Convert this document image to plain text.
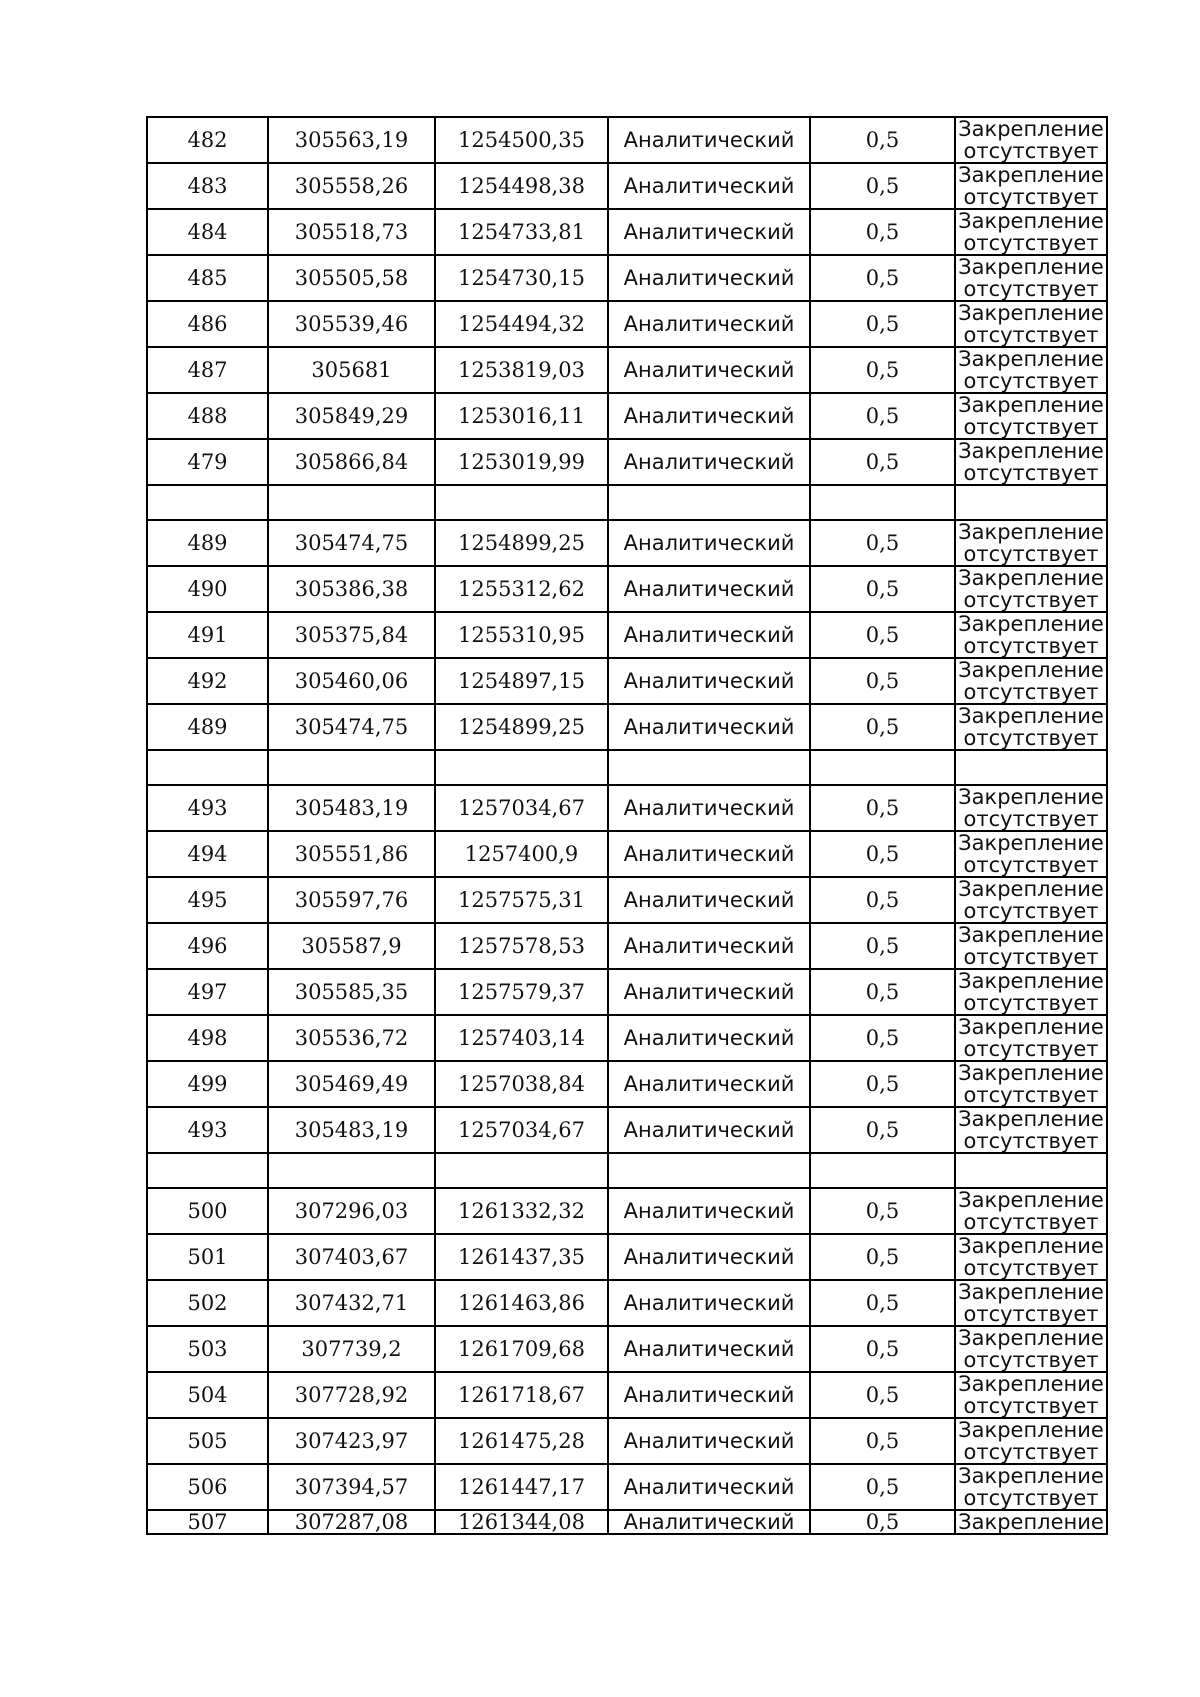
482	305563,19	1254500,35	Аналитический	0,5	Закрепление
отсутствует

483	305558,26	1254498,38	Аналитический	0,5	Закрепление
отсутствует

484	305518,73	1254733,81	Аналитический	0,5	Закрепление
отсутствует

485	305505,58	1254730,15	Аналитический	0,5	Закрепление
отсутствует

486	305539,46	1254494,32	Аналитический	0,5	Закрепление
отсутствует

487	305681	1253819,03	Аналитический	0,5	Закрепление
отсутствует

488	305849,29	1253016,11	Аналитический	0,5	Закрепление
отсутствует

479	305866,84	1253019,99	Аналитический	0,5	Закрепление
отсутствует

489	305474,75	1254899,25	Аналитический	0,5	Закрепление
отсутствует

490	305386,38	1255312,62	Аналитический	0,5	Закрепление
отсутствует

491	305375,84	1255310,95	Аналитический	0,5	Закрепление
отсутствует

492	305460,06	1254897,15	Аналитический	0,5	Закрепление
отсутствует

489	305474,75	1254899,25	Аналитический	0,5	Закрепление
отсутствует

493	305483,19	1257034,67	Аналитический	0,5	Закрепление
отсутствует

494	305551,86	1257400,9	Аналитический	0,5	Закрепление
отсутствует

495	305597,76	1257575,31	Аналитический	0,5	Закрепление
отсутствует

496	305587,9	1257578,53	Аналитический	0,5	Закрепление
отсутствует

497	305585,35	1257579,37	Аналитический	0,5	Закрепление
отсутствует

498	305536,72	1257403,14	Аналитический	0,5	Закрепление
отсутствует

499	305469,49	1257038,84	Аналитический	0,5	Закрепление
отсутствует

493	305483,19	1257034,67	Аналитический	0,5	Закрепление
отсутствует

500	307296,03	1261332,32	Аналитический	0,5	Закрепление
отсутствует

501	307403,67	1261437,35	Аналитический	0,5	Закрепление
отсутствует

502	307432,71	1261463,86	Аналитический	0,5	Закрепление
отсутствует

503	307739,2	1261709,68	Аналитический	0,5	Закрепление
отсутствует

504	307728,92	1261718,67	Аналитический	0,5	Закрепление
отсутствует

505	307423,97	1261475,28	Аналитический	0,5	Закрепление
отсутствует

506	307394,57	1261447,17	Аналитический	0,5	Закрепление
отсутствует

507	307287,08	1261344,08	Аналитический	0,5	Закрепление
